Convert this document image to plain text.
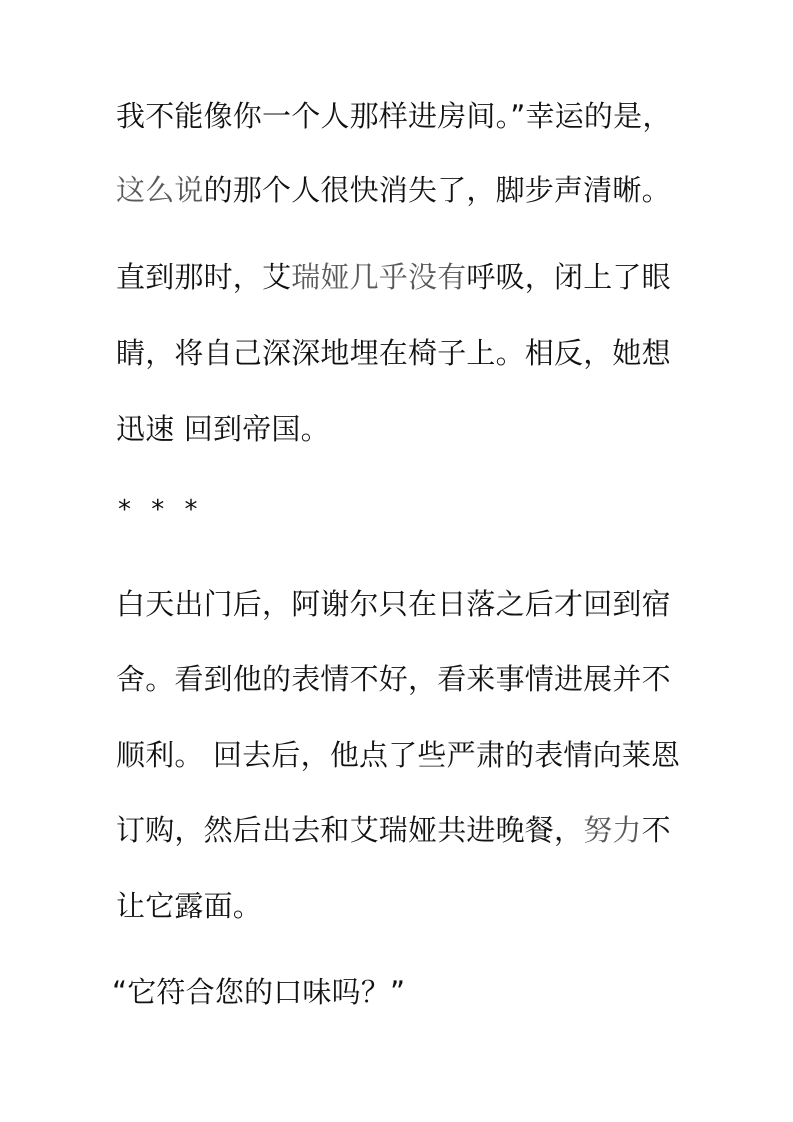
我不能像你一个人那样进房间。”幸运的是，
这么说的那个人很快消失了，脚步声清晰。
直到那时，艾瑞娅几乎没有呼吸，闭上了眼
睛，将自己深深地埋在椅子上。相反，她想
迅速 回到帝国。
* * *
白天出门后，阿谢尔只在日落之后才回到宿
舍。看到他的表情不好，看来事情进展并不
顺利。 回去后，他点了些严肃的表情向莱恩
订购，然后出去和艾瑞娅共进晚餐，努力不
让它露面。
“它符合您的口味吗？”
